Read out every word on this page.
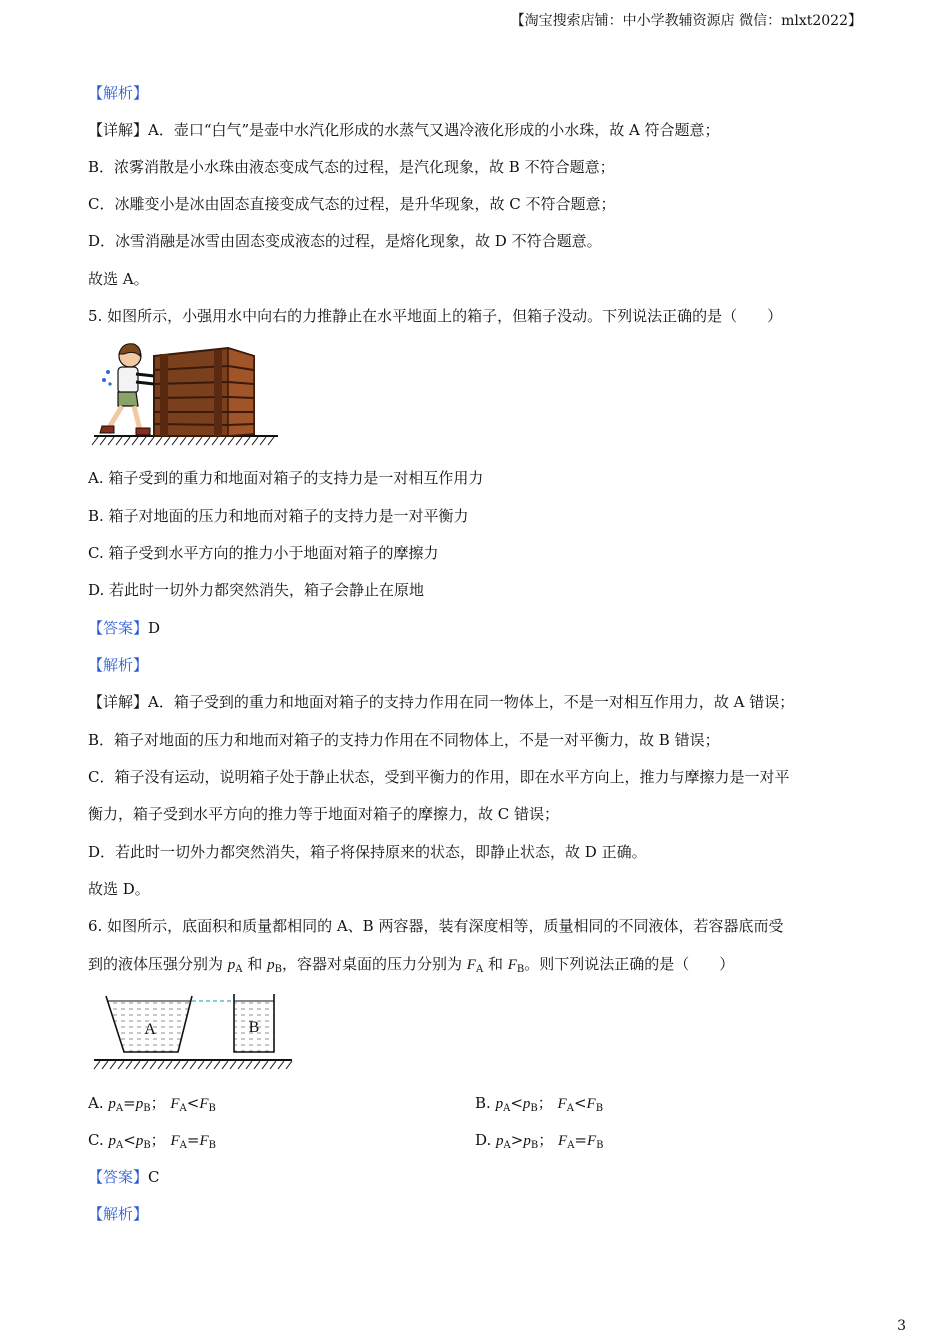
【淘宝搜索店铺：中小学教辅资源店 微信：mlxt2022】
【解析】
【详解】A．壶口“白气”是壶中水汽化形成的水蒸气又遇冷液化形成的小水珠，故 A 符合题意；
B．浓雾消散是小水珠由液态变成气态的过程，是汽化现象，故 B 不符合题意；
C．冰雕变小是冰由固态直接变成气态的过程，是升华现象，故 C 不符合题意；
D．冰雪消融是冰雪由固态变成液态的过程，是熔化现象，故 D 不符合题意。
故选 A。
5. 如图所示，小强用水中向右的力推静止在水平地面上的箱子，但箱子没动。下列说法正确的是（　　）
A. 箱子受到的重力和地面对箱子的支持力是一对相互作用力
B. 箱子对地面的压力和地而对箱子的支持力是一对平衡力
C. 箱子受到水平方向的推力小于地面对箱子的摩擦力
D. 若此时一切外力都突然消失，箱子会静止在原地
【答案】D
【解析】
【详解】A．箱子受到的重力和地面对箱子的支持力作用在同一物体上，不是一对相互作用力，故 A 错误；
B．箱子对地面的压力和地而对箱子的支持力作用在不同物体上，不是一对平衡力，故 B 错误；
C．箱子没有运动，说明箱子处于静止状态，受到平衡力的作用，即在水平方向上，推力与摩擦力是一对平
衡力，箱子受到水平方向的推力等于地面对箱子的摩擦力，故 C 错误；
D．若此时一切外力都突然消失，箱子将保持原来的状态，即静止状态，故 D 正确。
故选 D。
6. 如图所示，底面积和质量都相同的 A、B 两容器，装有深度相等，质量相同的不同液体，若容器底而受
到的液体压强分别为 $p_A$ 和 $p_B$，容器对桌面的压力分别为 $F_A$ 和 $F_B$。则下列说法正确的是（　　）
A	B
A. $p_A=p_B$； $F_A<F_B$	B. $p_A<p_B$； $F_A<F_B$
C. $p_A<p_B$； $F_A=F_B$	D. $p_A>p_B$； $F_A=F_B$
【答案】C
【解析】
3
